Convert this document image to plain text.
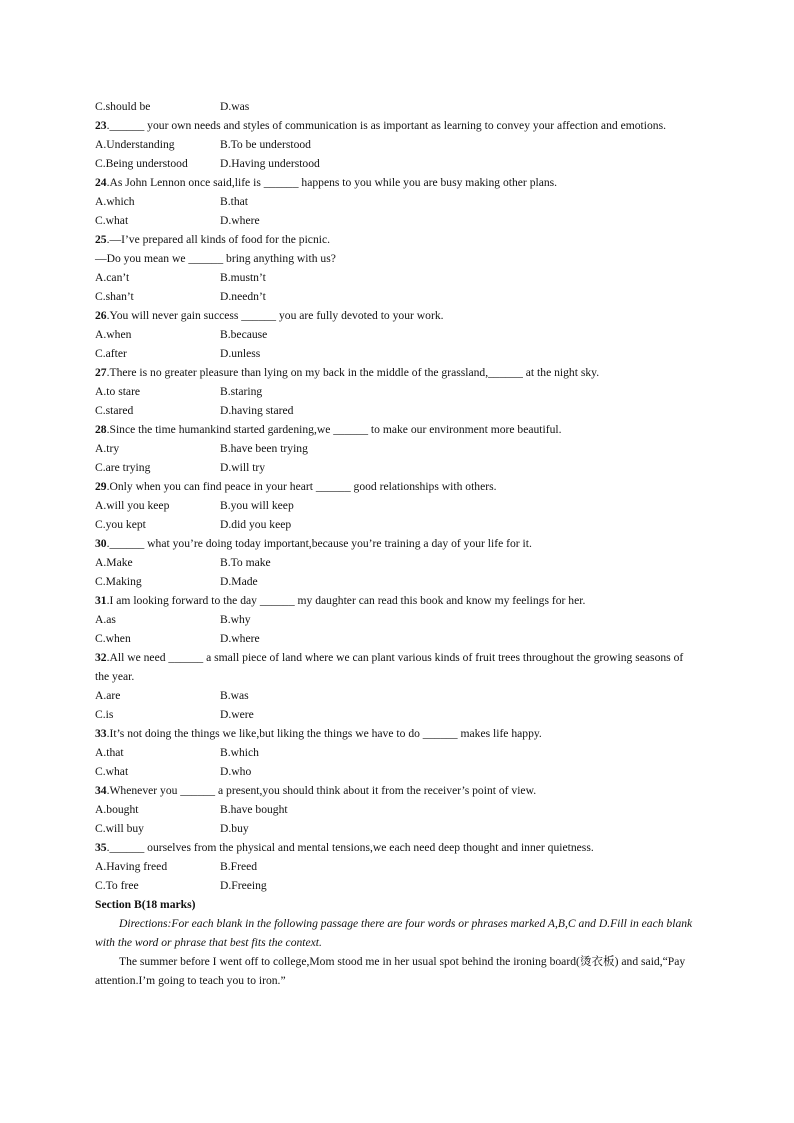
C.should be	D.was
23.______ your own needs and styles of communication is as important as learning to convey your affection and emotions.
A.Understanding	B.To be understood
C.Being understood	D.Having understood
24.As John Lennon once said,life is ______ happens to you while you are busy making other plans.
A.which	B.that
C.what	D.where
25.—I’ve prepared all kinds of food for the picnic.
—Do you mean we ______ bring anything with us?
A.can’t	B.mustn’t
C.shan’t	D.needn’t
26.You will never gain success ______ you are fully devoted to your work.
A.when	B.because
C.after	D.unless
27.There is no greater pleasure than lying on my back in the middle of the grassland,______ at the night sky.
A.to stare	B.staring
C.stared	D.having stared
28.Since the time humankind started gardening,we ______ to make our environment more beautiful.
A.try	B.have been trying
C.are trying	D.will try
29.Only when you can find peace in your heart ______ good relationships with others.
A.will you keep	B.you will keep
C.you kept	D.did you keep
30.______ what you’re doing today important,because you’re training a day of your life for it.
A.Make	B.To make
C.Making	D.Made
31.I am looking forward to the day ______ my daughter can read this book and know my feelings for her.
A.as	B.why
C.when	D.where
32.All we need ______ a small piece of land where we can plant various kinds of fruit trees throughout the growing seasons of the year.
A.are	B.was
C.is	D.were
33.It’s not doing the things we like,but liking the things we have to do ______ makes life happy.
A.that	B.which
C.what	D.who
34.Whenever you ______ a present,you should think about it from the receiver’s point of view.
A.bought	B.have bought
C.will buy	D.buy
35.______ ourselves from the physical and mental tensions,we each need deep thought and inner quietness.
A.Having freed	B.Freed
C.To free	D.Freeing
Section B(18 marks)
Directions:For each blank in the following passage there are four words or phrases marked A,B,C and D.Fill in each blank with the word or phrase that best fits the context.
The summer before I went off to college,Mom stood me in her usual spot behind the ironing board(烫衣板) and said,“Pay attention.I’m going to teach you to iron.”
